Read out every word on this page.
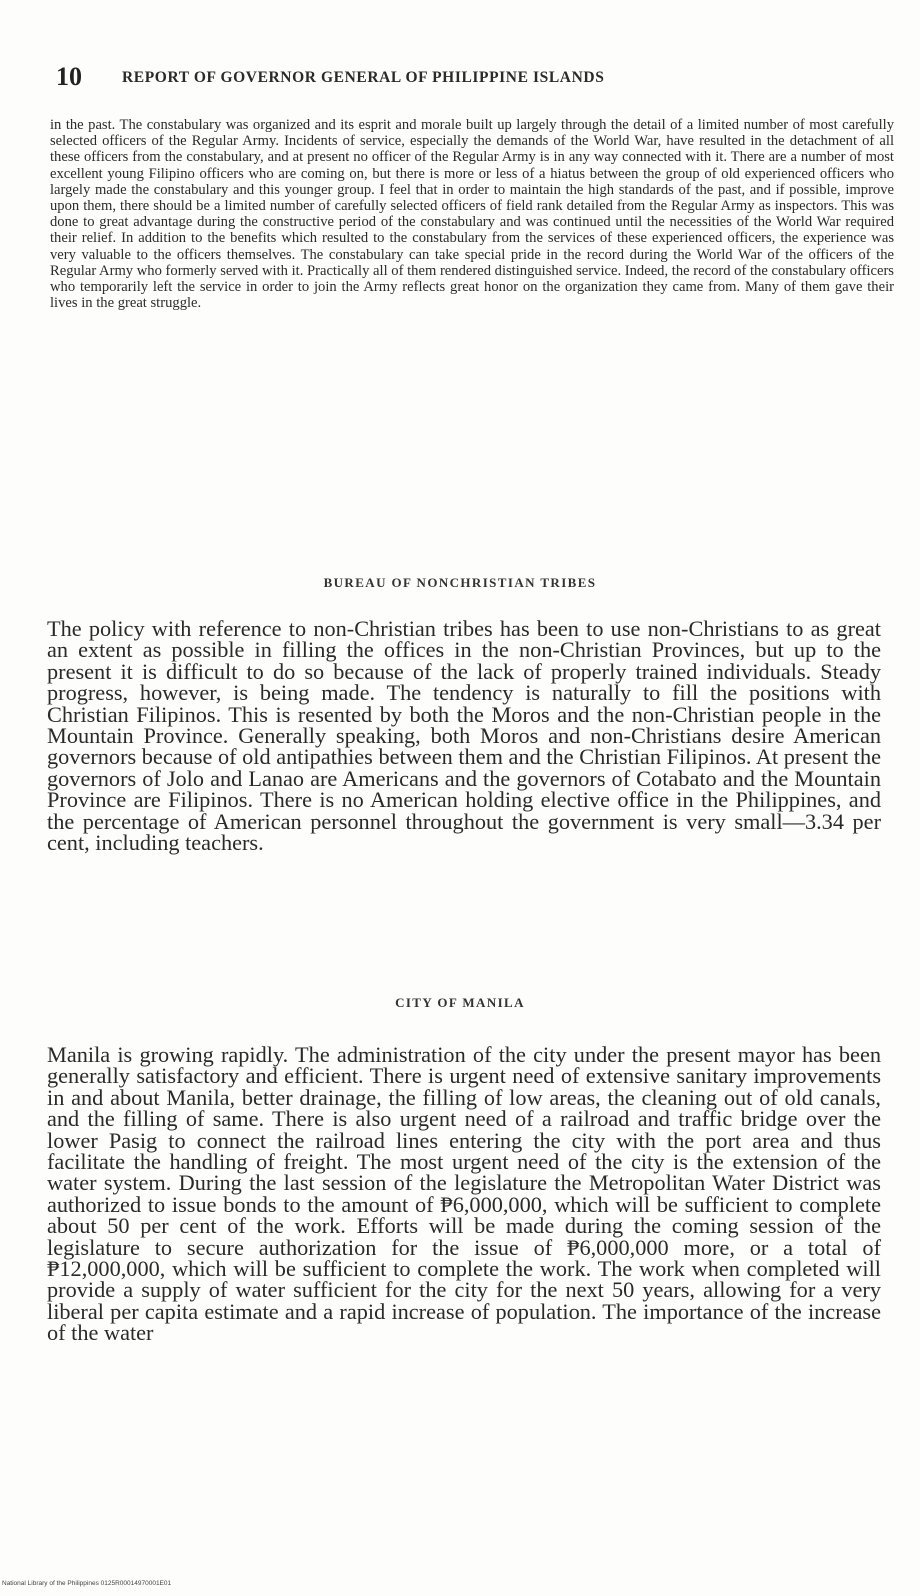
10	REPORT OF GOVERNOR GENERAL OF PHILIPPINE ISLANDS

in the past. The constabulary was organized and its esprit and morale built up largely through the detail of a limited number of most carefully selected officers of the Regular Army. Incidents of service, especially the demands of the World War, have resulted in the detachment of all these officers from the constabulary, and at present no officer of the Regular Army is in any way connected with it. There are a number of most excellent young Filipino officers who are coming on, but there is more or less of a hiatus between the group of old experienced officers who largely made the constabulary and this younger group. I feel that in order to maintain the high standards of the past, and if possible, improve upon them, there should be a limited number of carefully selected officers of field rank detailed from the Regular Army as inspectors. This was done to great advantage during the constructive period of the constabulary and was continued until the necessities of the World War required their relief. In addition to the benefits which resulted to the constabulary from the services of these experienced officers, the experience was very valuable to the officers themselves. The constabulary can take special pride in the record during the World War of the officers of the Regular Army who formerly served with it. Practically all of them rendered distinguished service. Indeed, the record of the constabulary officers who temporarily left the service in order to join the Army reflects great honor on the organization they came from. Many of them gave their lives in the great struggle.

BUREAU OF NONCHRISTIAN TRIBES

The policy with reference to non-Christian tribes has been to use non-Christians to as great an extent as possible in filling the offices in the non-Christian Provinces, but up to the present it is difficult to do so because of the lack of properly trained individuals. Steady progress, however, is being made. The tendency is naturally to fill the positions with Christian Filipinos. This is resented by both the Moros and the non-Christian people in the Mountain Province. Generally speaking, both Moros and non-Christians desire American governors because of old antipathies between them and the Christian Filipinos. At present the governors of Jolo and Lanao are Americans and the governors of Cotabato and the Mountain Province are Filipinos. There is no American holding elective office in the Philippines, and the percentage of American personnel throughout the government is very small—3.34 per cent, including teachers.

CITY OF MANILA

Manila is growing rapidly. The administration of the city under the present mayor has been generally satisfactory and efficient. There is urgent need of extensive sanitary improvements in and about Manila, better drainage, the filling of low areas, the cleaning out of old canals, and the filling of same. There is also urgent need of a railroad and traffic bridge over the lower Pasig to connect the railroad lines entering the city with the port area and thus facilitate the handling of freight. The most urgent need of the city is the extension of the water system. During the last session of the legislature the Metropolitan Water District was authorized to issue bonds to the amount of ₱6,000,000, which will be sufficient to complete about 50 per cent of the work. Efforts will be made during the coming session of the legislature to secure authorization for the issue of ₱6,000,000 more, or a total of ₱12,000,000, which will be sufficient to complete the work. The work when completed will provide a supply of water sufficient for the city for the next 50 years, allowing for a very liberal per capita estimate and a rapid increase of population. The importance of the increase of the water

National Library of the Philippines 0125R00014970001E01
